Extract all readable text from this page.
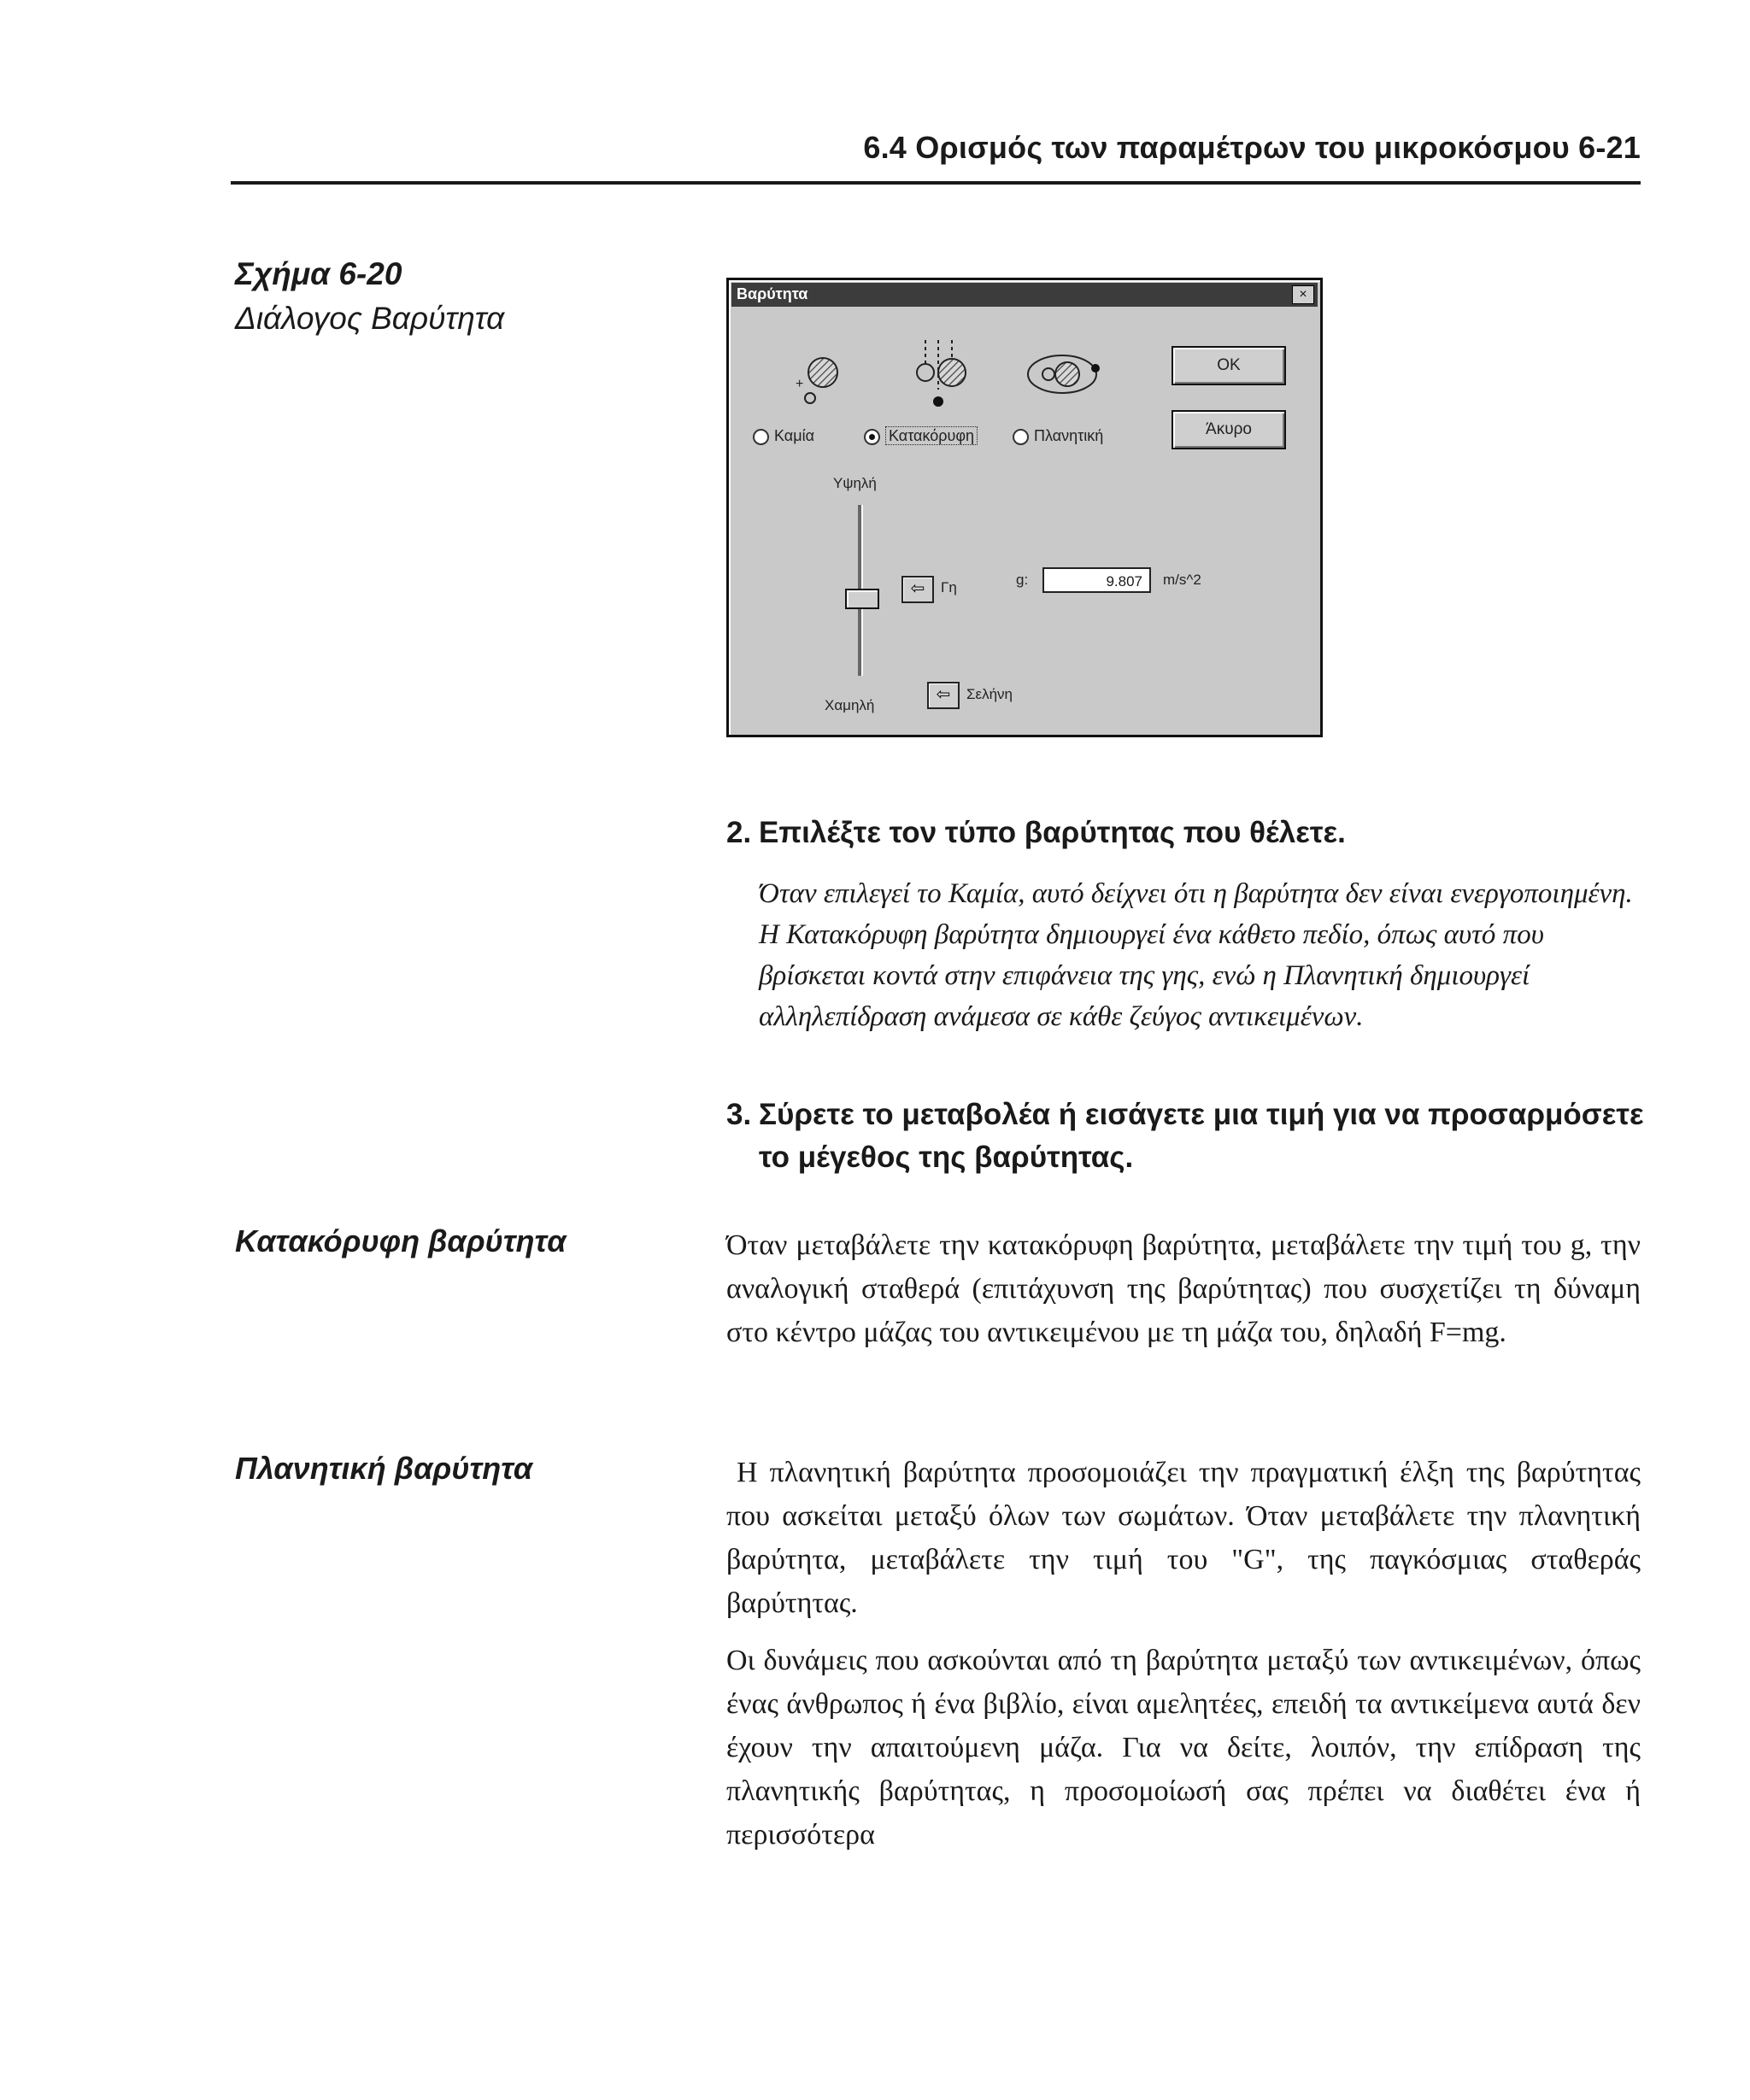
6.4 Ορισμός των παραμέτρων του μικροκόσμου 6-21
Σχήμα 6-20
Διάλογος Βαρύτητα
Βαρύτητα	×
+
OK
Άκυρο
Καμία	Κατακόρυφη	Πλανητική
Υψηλή
Χαμηλή
⇦	Γη
⇦	Σελήνη
g:	9.807	m/s^2
2. Επιλέξτε τον τύπο βαρύτητας που θέλετε.
Όταν επιλεγεί το Καμία, αυτό δείχνει ότι η βαρύτητα δεν είναι ενεργοποιημένη. Η Κατακόρυφη βαρύτητα δημιουργεί ένα κάθετο πεδίο, όπως αυτό που βρίσκεται κοντά στην επιφάνεια της γης, ενώ η Πλανητική δημιουργεί αλληλεπίδραση ανάμεσα σε κάθε ζεύγος αντικειμένων.
3. Σύρετε το μεταβολέα ή εισάγετε μια τιμή για να προσαρμόσετε το μέγεθος της βαρύτητας.
Κατακόρυφη βαρύτητα	Όταν μεταβάλετε την κατακόρυφη βαρύτητα, μεταβάλετε την τιμή του g, την αναλογική σταθερά (επιτάχυνση της βαρύτητας) που συσχετίζει τη δύναμη στο κέντρο μάζας του αντικειμένου με τη μάζα του, δηλαδή F=mg.
Πλανητική βαρύτητα	Η πλανητική βαρύτητα προσομοιάζει την πραγματική έλξη της βαρύτητας που ασκείται μεταξύ όλων των σωμάτων. Όταν μεταβάλετε την πλανητική βαρύτητα, μεταβάλετε την τιμή του "G", της παγκόσμιας σταθεράς βαρύτητας.
Οι δυνάμεις που ασκούνται από τη βαρύτητα μεταξύ των αντικειμένων, όπως ένας άνθρωπος ή ένα βιβλίο, είναι αμελητέες, επειδή τα αντικείμενα αυτά δεν έχουν την απαιτούμενη μάζα. Για να δείτε, λοιπόν, την επίδραση της πλανητικής βαρύτητας, η προσομοίωσή σας πρέπει να διαθέτει ένα ή περισσότερα
